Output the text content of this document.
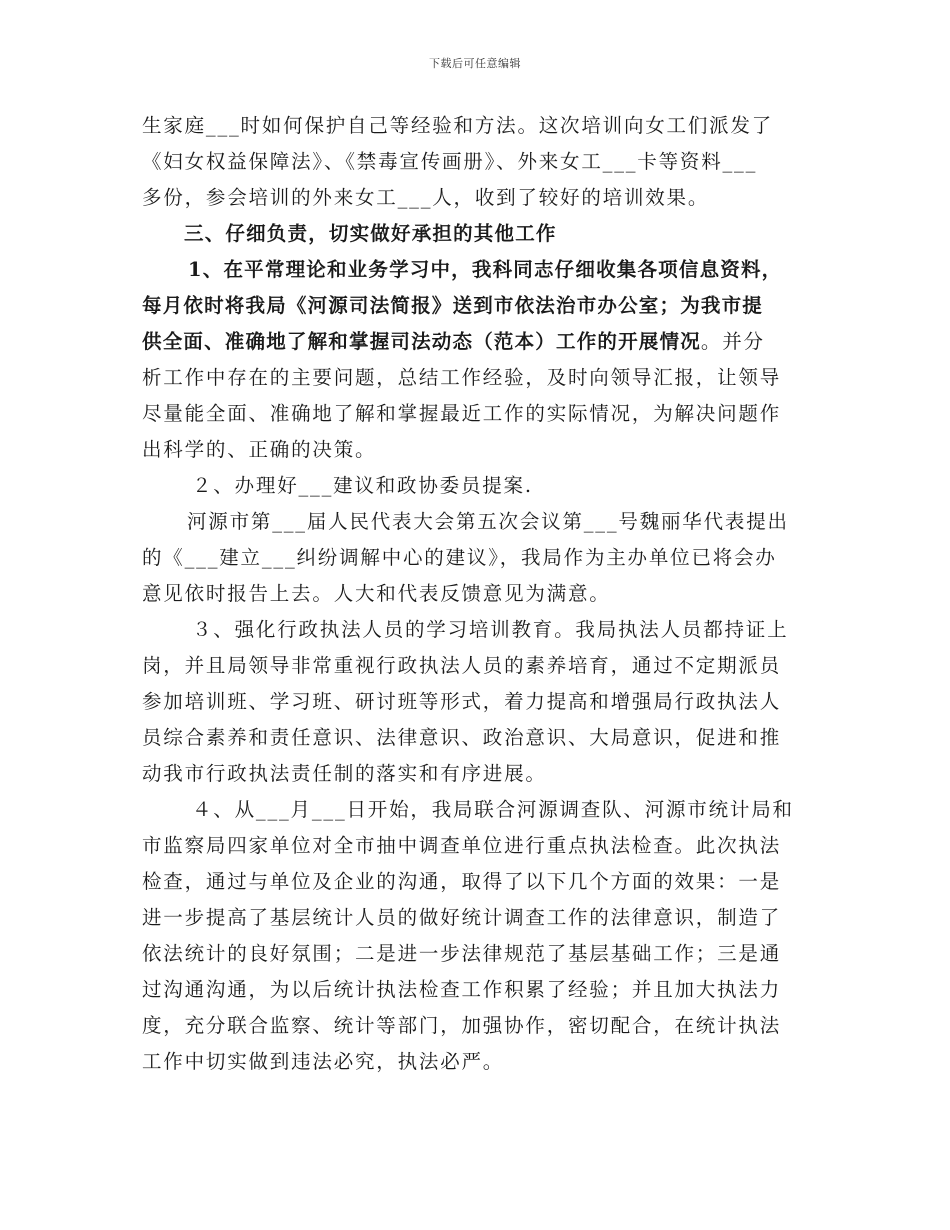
下载后可任意编辑
生家庭___时如何保护自己等经验和方法。这次培训向女工们派发了
《妇女权益保障法》、《禁毒宣传画册》、外来女工___卡等资料___
多份，参会培训的外来女工___人，收到了较好的培训效果。
三、仔细负责，切实做好承担的其他工作
1、在平常理论和业务学习中，我科同志仔细收集各项信息资料，
每月依时将我局《河源司法简报》送到市依法治市办公室；为我市提
供全面、准确地了解和掌握司法动态（范本）工作的开展情况。并分
析工作中存在的主要问题，总结工作经验，及时向领导汇报，让领导
尽量能全面、准确地了解和掌握最近工作的实际情况，为解决问题作
出科学的、正确的决策。
２、办理好___建议和政协委员提案.
河源市第___届人民代表大会第五次会议第___号魏丽华代表提出
的《___建立___纠纷调解中心的建议》，我局作为主办单位已将会办
意见依时报告上去。人大和代表反馈意见为满意。
３、强化行政执法人员的学习培训教育。我局执法人员都持证上
岗，并且局领导非常重视行政执法人员的素养培育，通过不定期派员
参加培训班、学习班、研讨班等形式，着力提高和增强局行政执法人
员综合素养和责任意识、法律意识、政治意识、大局意识，促进和推
动我市行政执法责任制的落实和有序进展。
４、从___月___日开始，我局联合河源调查队、河源市统计局和
市监察局四家单位对全市抽中调查单位进行重点执法检查。此次执法
检查，通过与单位及企业的沟通，取得了以下几个方面的效果：一是
进一步提高了基层统计人员的做好统计调查工作的法律意识，制造了
依法统计的良好氛围；二是进一步法律规范了基层基础工作；三是通
过沟通沟通，为以后统计执法检查工作积累了经验；并且加大执法力
度，充分联合监察、统计等部门，加强协作，密切配合，在统计执法
工作中切实做到违法必究，执法必严。
